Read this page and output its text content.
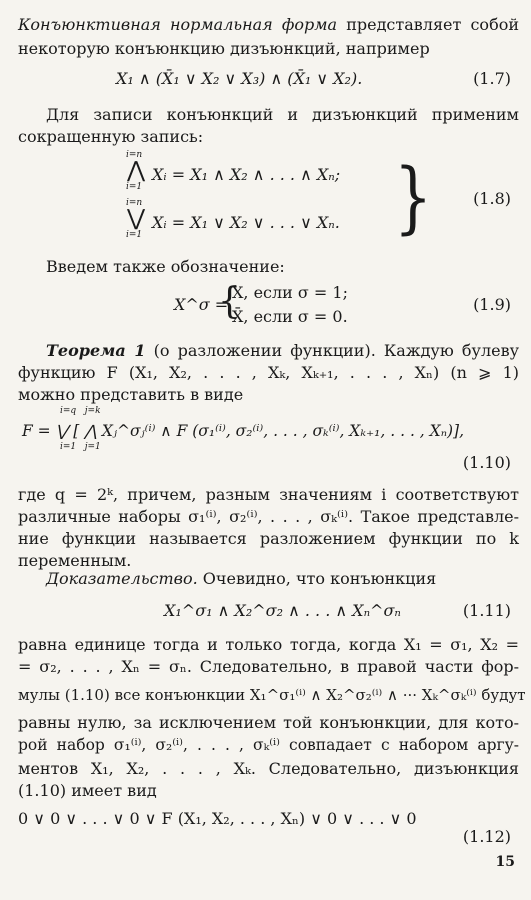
Конъюнктивная нормальная форма представляет собой
некоторую конъюнкцию дизъюнкций, например
X₁ ∧ (X̄₁ ∨ X₂ ∨ X₃) ∧ (X̄₁ ∨ X₂).	(1.7)
Для записи конъюнкций и дизъюнкций применим
сокращенную запись:
i=n
⋀
i=1
Xᵢ = X₁ ∧ X₂ ∧ . . . ∧ Xₙ;
i=n
⋁
i=1
Xᵢ = X₁ ∨ X₂ ∨ . . . ∨ Xₙ. }	(1.8)
Введем также обозначение:
X^σ =
{
X, если σ = 1;
X̄, если σ = 0.
(1.9)
Теорема 1 (о разложении функции). Каждую булеву
функцию F (X₁, X₂, . . . , Xₖ, Xₖ₊₁, . . . , Xₙ) (n ⩾ 1)
можно представить в виде
i=q   j=k
F = ⋁ [ ⋀ Xⱼ^σⱼ⁽ⁱ⁾ ∧ F (σ₁⁽ⁱ⁾, σ₂⁽ⁱ⁾, . . . , σₖ⁽ⁱ⁾, Xₖ₊₁, . . . , Xₙ)],
i=1   j=1
(1.10)
где q = 2ᵏ, причем, разным значениям i соответствуют
различные наборы σ₁⁽ⁱ⁾, σ₂⁽ⁱ⁾, . . . , σₖ⁽ⁱ⁾. Такое представле-
ние функции называется разложением функции по k
переменным.
Доказательство. Очевидно, что конъюнкция
X₁^σ₁ ∧ X₂^σ₂ ∧ . . . ∧ Xₙ^σₙ	(1.11)
равна единице тогда и только тогда, когда X₁ = σ₁, X₂ =
= σ₂, . . . , Xₙ = σₙ. Следовательно, в правой части фор-
мулы (1.10) все конъюнкции X₁^σ₁⁽ⁱ⁾ ∧ X₂^σ₂⁽ⁱ⁾ ∧ ··· Xₖ^σₖ⁽ⁱ⁾ будут
равны нулю, за исключением той конъюнкции, для кото-
рой набор σ₁⁽ⁱ⁾, σ₂⁽ⁱ⁾, . . . , σₖ⁽ⁱ⁾ совпадает с набором аргу-
ментов X₁, X₂, . . . , Xₖ. Следовательно, дизъюнкция
(1.10) имеет вид
0 ∨ 0 ∨ . . . ∨ 0 ∨ F (X₁, X₂, . . . , Xₙ) ∨ 0 ∨ . . . ∨ 0
(1.12)
15
